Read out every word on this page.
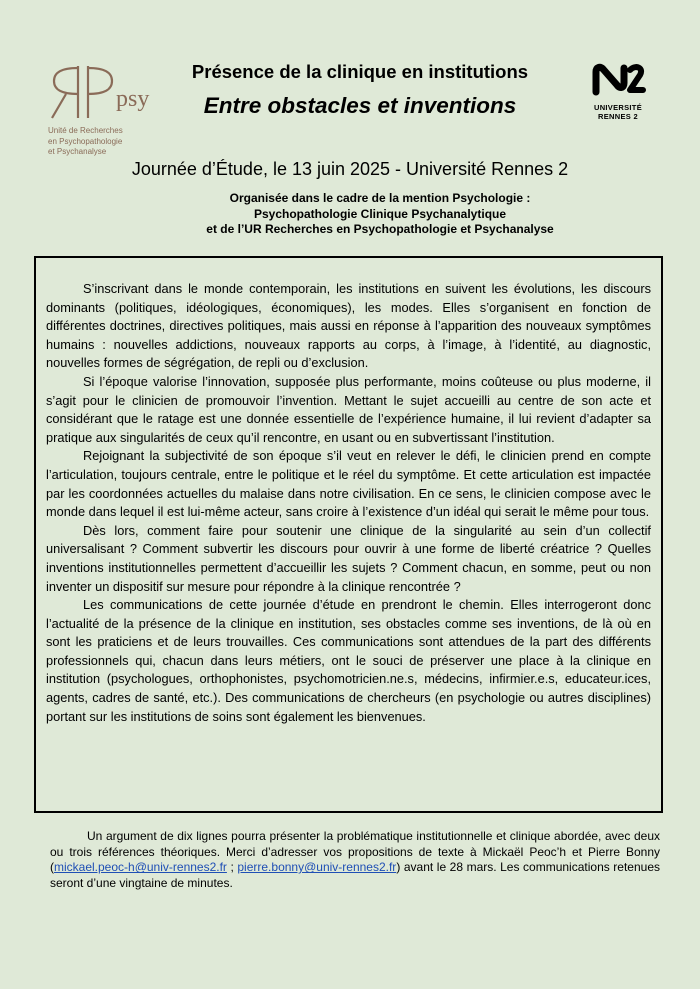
psy
Unité de Recherches
en Psychopathologie
et Psychanalyse
Présence de la clinique en institutions
Entre obstacles et inventions	UNIVERSITÉ
RENNES 2
Journée d’Étude, le 13 juin 2025 - Université Rennes 2
Organisée dans le cadre de la mention Psychologie :
Psychopathologie Clinique Psychanalytique
et de l’UR Recherches en Psychopathologie et Psychanalyse

S’inscrivant dans le monde contemporain, les institutions en suivent les évolutions, les discours dominants (politiques, idéologiques, économiques), les modes. Elles s’organisent en fonction de différentes doctrines, directives politiques, mais aussi en réponse à l’apparition des nouveaux symptômes humains : nouvelles addictions, nouveaux rapports au corps, à l’image, à l’identité, au diagnostic, nouvelles formes de ségrégation, de repli ou d’exclusion.

Si l’époque valorise l’innovation, supposée plus performante, moins coûteuse ou plus moderne, il s’agit pour le clinicien de promouvoir l’invention. Mettant le sujet accueilli au centre de son acte et considérant que le ratage est une donnée essentielle de l’expérience humaine, il lui revient d’adapter sa pratique aux singularités de ceux qu’il rencontre, en usant ou en subvertissant l’institution.

Rejoignant la subjectivité de son époque s’il veut en relever le défi, le clinicien prend en compte l’articulation, toujours centrale, entre le politique et le réel du symptôme. Et cette articulation est impactée par les coordonnées actuelles du malaise dans notre civilisation. En ce sens, le clinicien compose avec le monde dans lequel il est lui-même acteur, sans croire à l’existence d’un idéal qui serait le même pour tous.

Dès lors, comment faire pour soutenir une clinique de la singularité au sein d’un collectif universalisant ? Comment subvertir les discours pour ouvrir à une forme de liberté créatrice ? Quelles inventions institutionnelles permettent d’accueillir les sujets ? Comment chacun, en somme, peut ou non inventer un dispositif sur mesure pour répondre à la clinique rencontrée ?

Les communications de cette journée d’étude en prendront le chemin. Elles interrogeront donc l’actualité de la présence de la clinique en institution, ses obstacles comme ses inventions, de là où en sont les praticiens et de leurs trouvailles. Ces communications sont attendues de la part des différents professionnels qui, chacun dans leurs métiers, ont le souci de préserver une place à la clinique en institution (psychologues, orthophonistes, psychomotricien.ne.s, médecins, infirmier.e.s, educateur.ices, agents, cadres de santé, etc.). Des communications de chercheurs (en psychologie ou autres disciplines) portant sur les institutions de soins sont également les bienvenues.

Un argument de dix lignes pourra présenter la problématique institutionnelle et clinique abordée, avec deux ou trois références théoriques. Merci d’adresser vos propositions de texte à Mickaël Peoc’h et Pierre Bonny (mickael.peoc-h@univ-rennes2.fr ; pierre.bonny@univ-rennes2.fr) avant le 28 mars. Les communications retenues seront d’une vingtaine de minutes.
